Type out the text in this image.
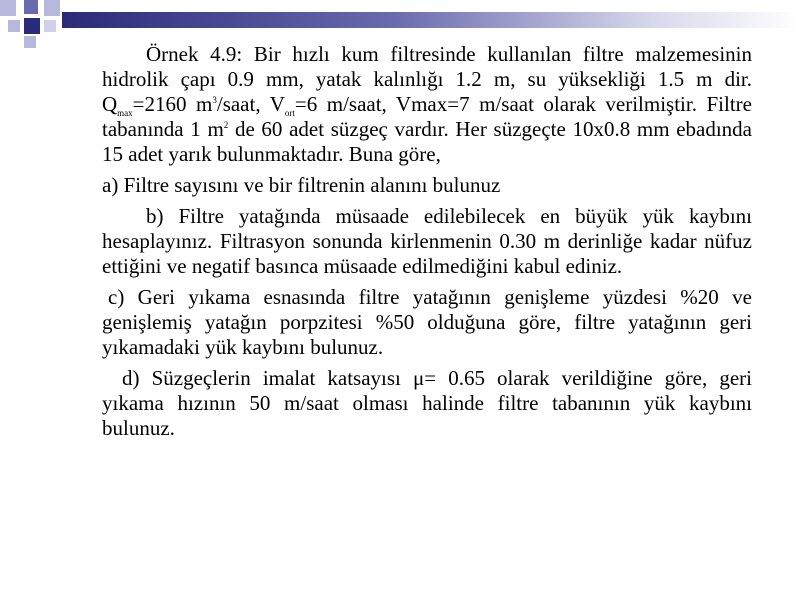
Örnek 4.9: Bir hızlı kum filtresinde kullanılan filtre malzemesinin hidrolik çapı 0.9 mm, yatak kalınlığı 1.2 m, su yüksekliği 1.5 m dir. $Q_{max}=2160$ $m^3$/saat, $V_{ort}=6$ m/saat, Vmax=7 m/saat olarak verilmiştir. Filtre tabanında 1 $m^2$ de 60 adet süzgeç vardır. Her süzgeçte 10x0.8 mm ebadında 15 adet yarık bulunmaktadır. Buna göre,

a) Filtre sayısını ve bir filtrenin alanını bulunuz

b) Filtre yatağında müsaade edilebilecek en büyük yük kaybını hesaplayınız. Filtrasyon sonunda kirlenmenin 0.30 m derinliğe kadar nüfuz ettiğini ve negatif basınca müsaade edilmediğini kabul ediniz.

c) Geri yıkama esnasında filtre yatağının genişleme yüzdesi %20 ve genişlemiş yatağın porpzitesi %50 olduğuna göre, filtre yatağının geri yıkamadaki yük kaybını bulunuz.

d) Süzgeçlerin imalat katsayısı μ= 0.65 olarak verildiğine göre, geri yıkama hızının 50 m/saat olması halinde filtre tabanının yük kaybını bulunuz.
